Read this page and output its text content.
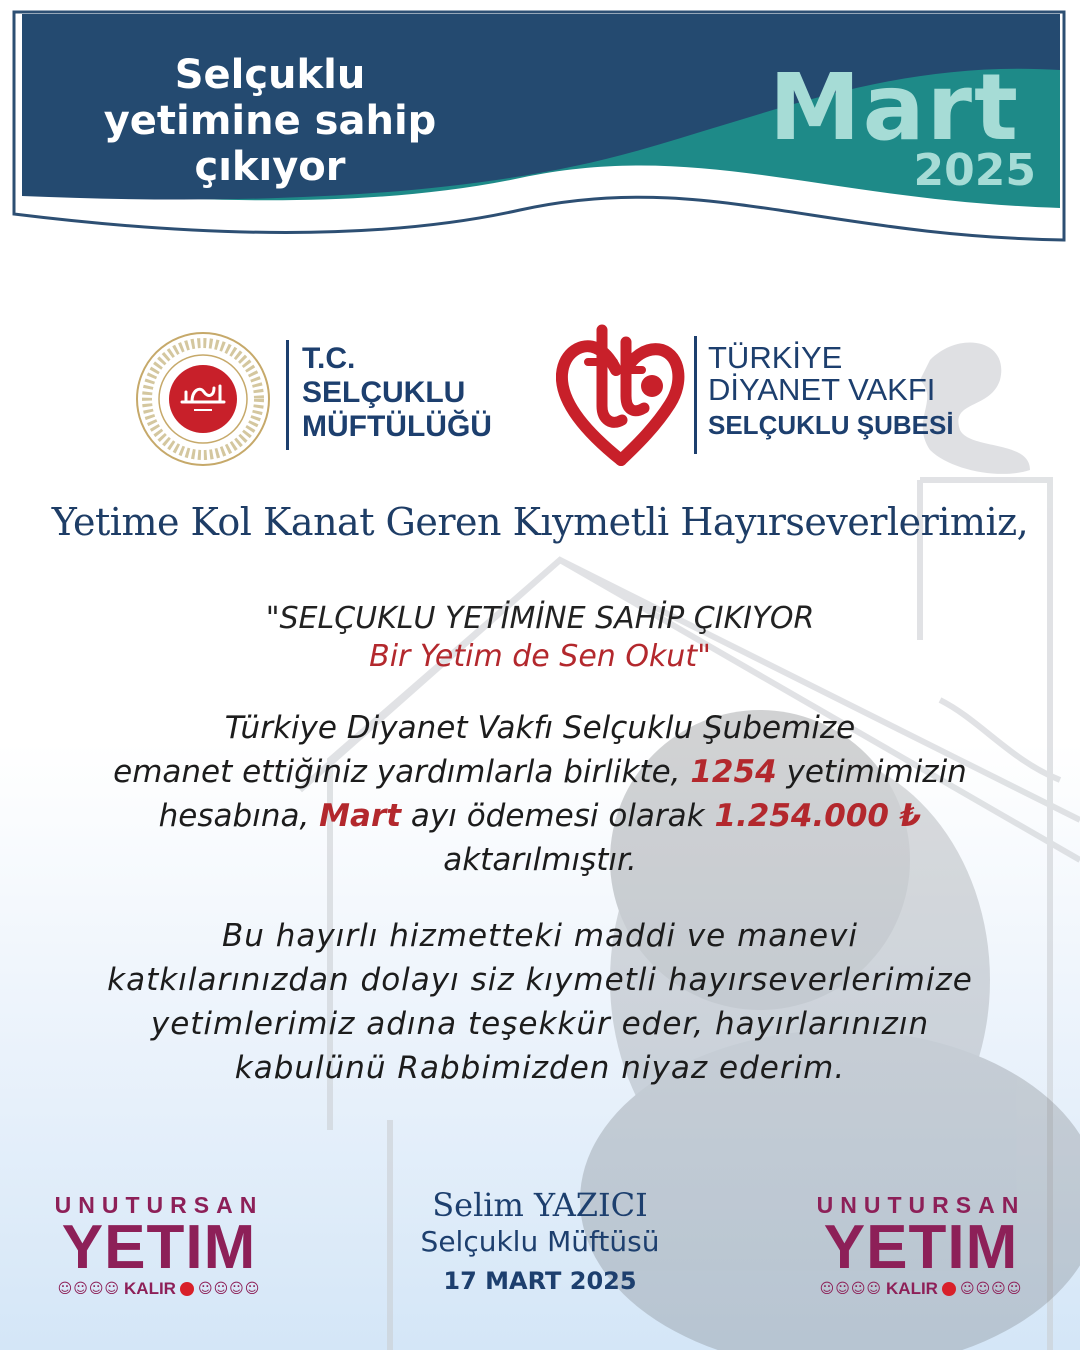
Selçuklu
yetimine sahip
çıkıyor
Mart
2025
T.C.
SELÇUKLU
MÜFTÜLÜĞÜ
TÜRKİYE
DİYANET VAKFI
SELÇUKLU ŞUBESİ
Yetime Kol Kanat Geren Kıymetli Hayırseverlerimiz,
"SELÇUKLU YETİMİNE SAHİP ÇIKIYOR
Bir Yetim de Sen Okut"
Türkiye Diyanet Vakfı Selçuklu Şubemize
emanet ettiğiniz yardımlarla birlikte, 1254 yetimimizin
hesabına, Mart ayı ödemesi olarak 1.254.000 ₺
aktarılmıştır.
Bu hayırlı hizmetteki maddi ve manevi
katkılarınızdan dolayı siz kıymetli hayırseverlerimize
yetimlerimiz adına teşekkür eder, hayırlarınızın
kabulünü Rabbimizden niyaz ederim.
UNUTURSAN
YETIM
☺☺☺☺ KALIR ☺☺☺☺
Selim YAZICI
Selçuklu Müftüsü
17 MART 2025
UNUTURSAN
YETIM
☺☺☺☺ KALIR ☺☺☺☺
